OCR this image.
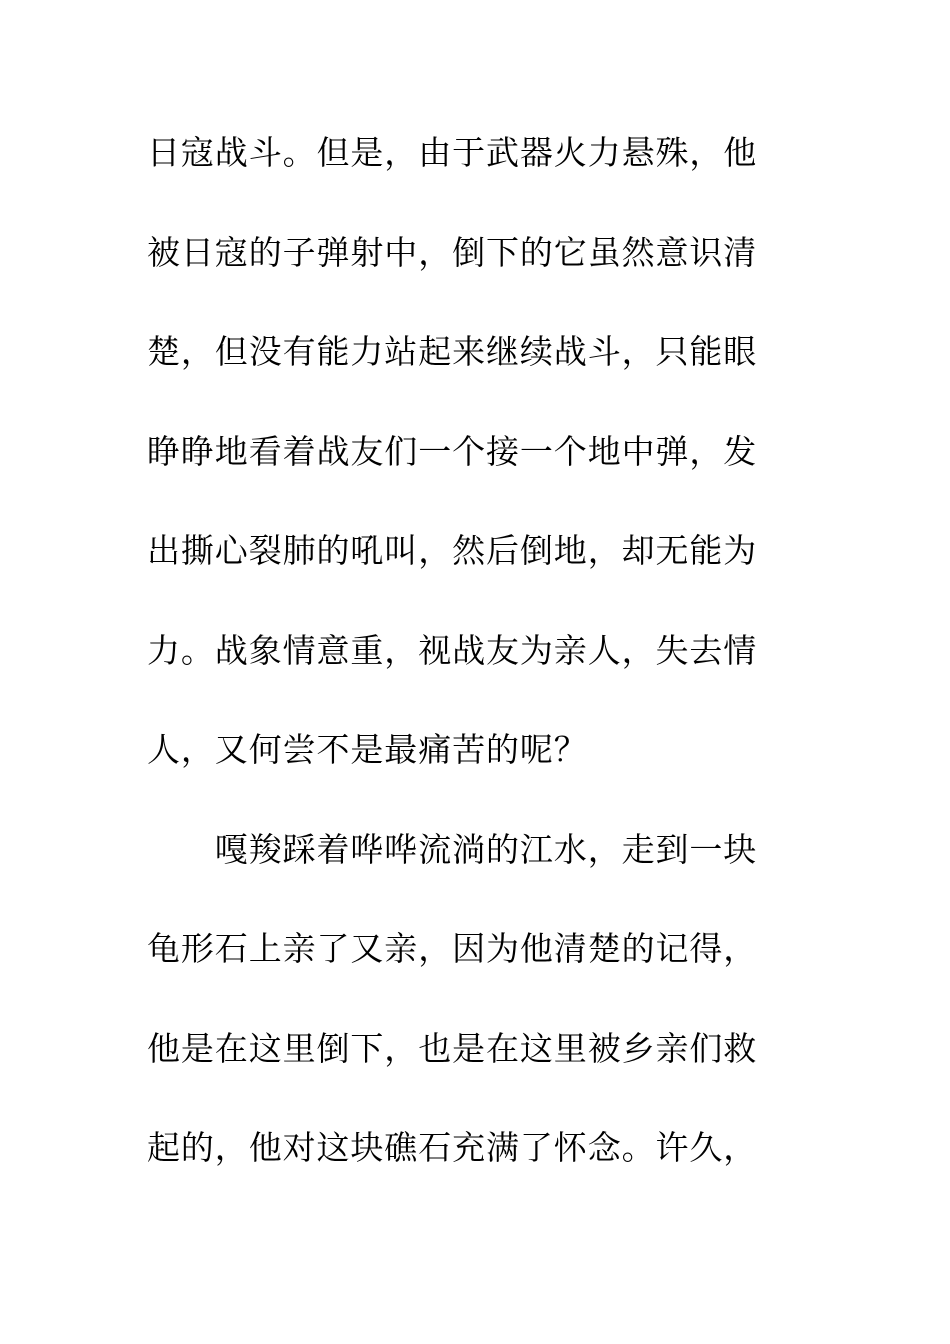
日寇战斗。但是，由于武器火力悬殊，他
被日寇的子弹射中，倒下的它虽然意识清
楚，但没有能力站起来继续战斗，只能眼
睁睁地看着战友们一个接一个地中弹，发
出撕心裂肺的吼叫，然后倒地，却无能为
力。战象情意重，视战友为亲人，失去情
人，又何尝不是最痛苦的呢？
　　嘎羧踩着哗哗流淌的江水，走到一块
龟形石上亲了又亲，因为他清楚的记得，
他是在这里倒下，也是在这里被乡亲们救
起的，他对这块礁石充满了怀念。许久，
